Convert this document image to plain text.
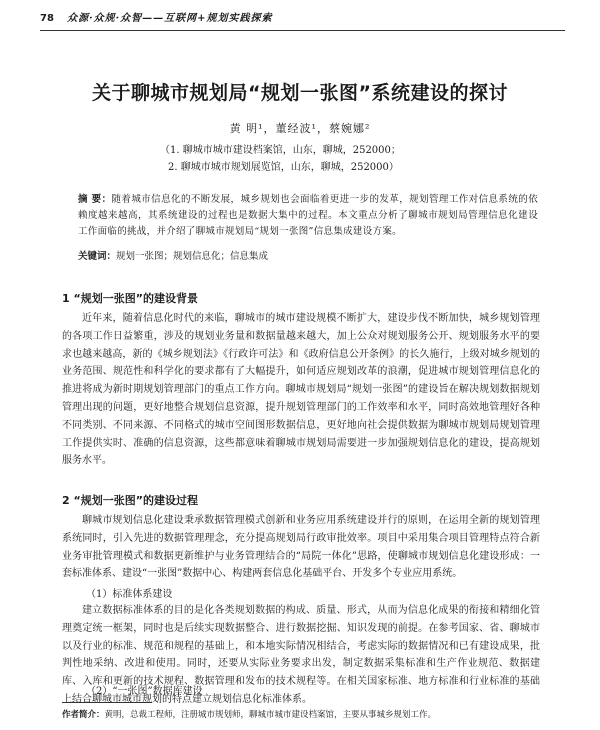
78 众源·众规·众智——互联网+规划实践探索
关于聊城市规划局“规划一张图”系统建设的探讨
黄 明¹，董经波¹，蔡婉娜²
（1. 聊城市城市建设档案馆，山东，聊城，252000；
2. 聊城市城市规划展览馆，山东，聊城，252000）
摘 要：随着城市信息化的不断发展，城乡规划也会面临着更进一步的发革，规划管理工作对信息系统的依赖度越来越高，其系统建设的过程也是数据大集中的过程。本文重点分析了聊城市规划局管理信息化建设工作面临的挑战，并介绍了聊城市规划局“规划一张图”信息集成建设方案。
关键词：规划一张图；规划信息化；信息集成
1 “规划一张图”的建设背景

近年来，随着信息化时代的来临，聊城市的城市建设规模不断扩大，建设步伐不断加快，城乡规划管理的各项工作日益繁重，涉及的规划业务量和数据量越来越大，加上公众对规划服务公开、规划服务水平的要求也越来越高，新的《城乡规划法》《行政许可法》和《政府信息公开条例》的长久施行，上级对城乡规划的业务范围、规范性和科学化的要求都有了大幅提升，如何适应规划改革的浪潮，促进城市规划管理信息化的推进将成为新时期规划管理部门的重点工作方向。聊城市规划局“规划一张图”的建设旨在解决规划数据规划管理出现的问题，更好地整合规划信息资源，提升规划管理部门的工作效率和水平，同时高效地管理好各种不同类别、不同来源、不同格式的城市空间图形数据信息，更好地向社会提供数据为聊城市规划局规划管理工作提供实时、准确的信息资源，这些都意味着聊城市规划局需要进一步加强规划信息化的建设，提高规划服务水平。

2 “规划一张图”的建设过程

聊城市规划信息化建设秉承数据管理模式创新和业务应用系统建设并行的原则，在运用全新的规划管理系统同时，引入先进的数据管理理念，充分提高规划局行政审批效率。项目中采用集合项目管理特点符合新业务审批管理模式和数据更新维护与业务管理结合的“局院一体化”思路，使聊城市规划信息化建设形成：一套标准体系、建设“一张图”数据中心、构建两套信息化基础平台、开发多个专业应用系统。

（1）标准体系建设

建立数据标准体系的目的是化各类规划数据的构成、质量、形式，从而为信息化成果的衔接和精细化管理奠定统一框架，同时也是后续实现数据整合、进行数据挖掘、知识发现的前提。在参考国家、省、聊城市以及行业的标准、规范和规程的基础上，和本地实际情况相结合，考虑实际的数据情况和已有建设成果，批判性地采纳、改进和使用。同时，还要从实际业务要求出发，制定数据采集标准和生产作业规范、数据建库、入库和更新的技术规程、数据管理和发布的技术规程等。在相关国家标准、地方标准和行业标准的基础上结合聊城市城市规划的特点建立规划信息化标准体系。

（2）“一张图”数据库建设
作者简介：黄明，总裁工程师，注册城市规划师，聊城市城市建设档案馆，主要从事城乡规划工作。
